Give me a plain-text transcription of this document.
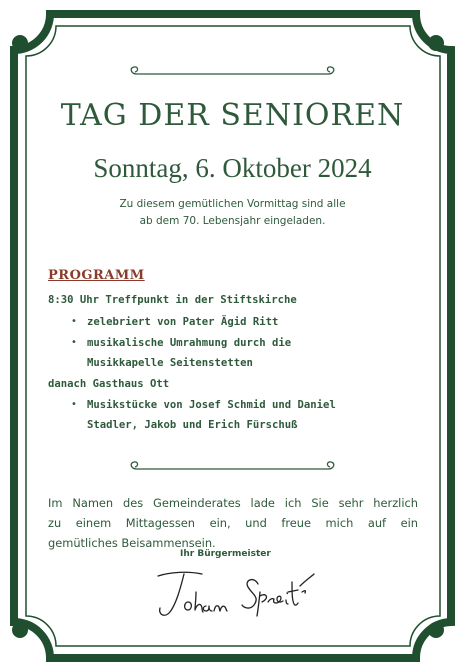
TAG DER SENIOREN
Sonntag, 6. Oktober 2024
Zu diesem gemütlichen Vormittag sind alle
ab dem 70. Lebensjahr eingeladen.
PROGRAMM
8:30 Uhr Treffpunkt in der Stiftskirche
• zelebriert von Pater Ägid Ritt
• musikalische Umrahmung durch die
Musikkapelle Seitenstetten
danach Gasthaus Ott
• Musikstücke von Josef Schmid und Daniel
Stadler, Jakob und Erich Fürschuß
Im Namen des Gemeinderates lade ich Sie sehr herzlich
zu einem Mittagessen ein, und freue mich auf ein
gemütliches Beisammensein.
Ihr Bürgermeister
